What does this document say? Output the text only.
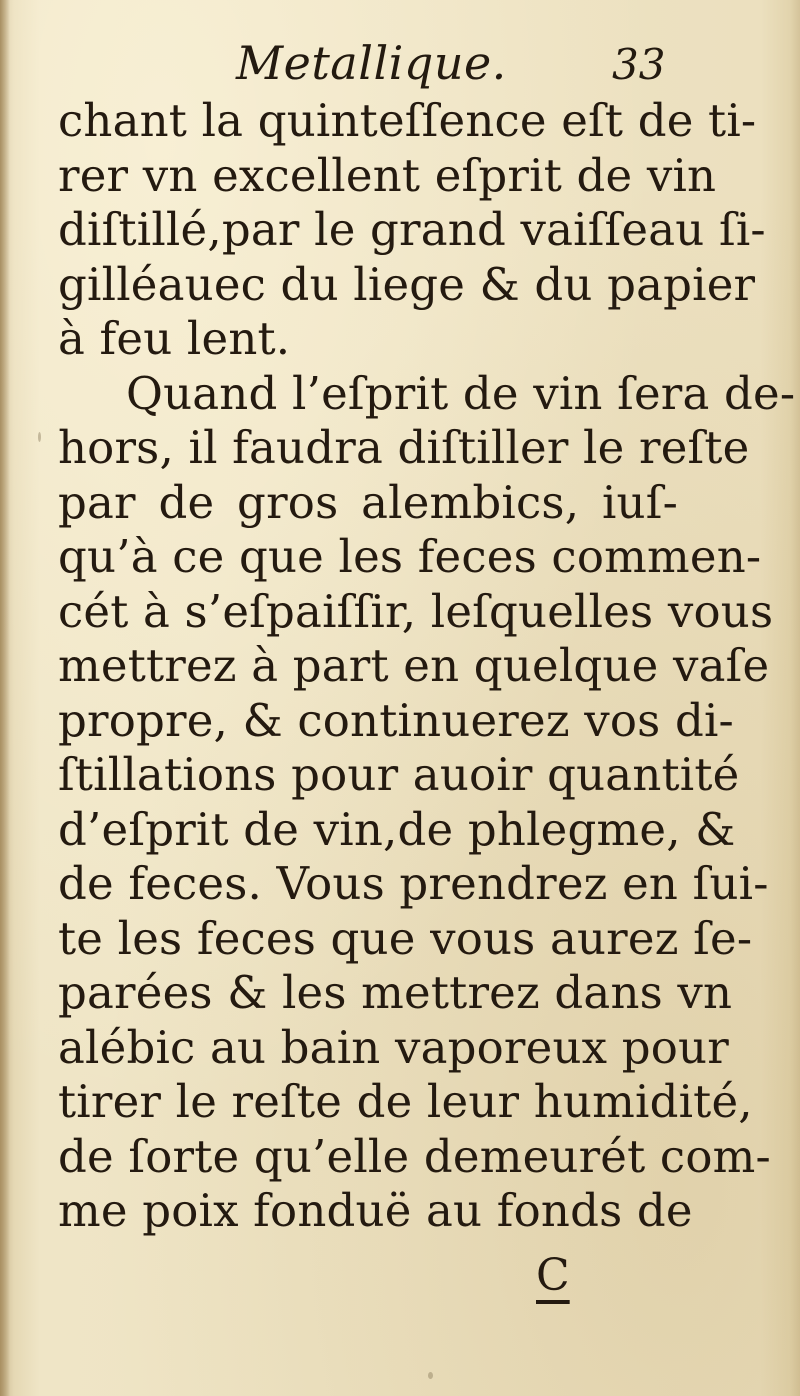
Metallique.	33
chant la quinteſſence eſt de ti-
rer vn excellent eſprit de vin
diſtillé,par le grand vaiſſeau ſi-
gilléauec du liege & du papier
à feu lent.
Quand l’eſprit de vin ſera de-
hors, il faudra diſtiller le reſte
par de gros alembics, iuſ-
qu’à ce que les feces commen-
cét à s’eſpaiſſir, leſquelles vous
mettrez à part en quelque vaſe
propre, & continuerez vos di-
ſtillations pour auoir quantité
d’eſprit de vin,de phlegme, &
de feces. Vous prendrez en ſui-
te les feces que vous aurez ſe-
parées & les mettrez dans vn
alébic au bain vaporeux pour
tirer le reſte de leur humidité,
de ſorte qu’elle demeurét com-
me poix fonduë au fonds de
C
